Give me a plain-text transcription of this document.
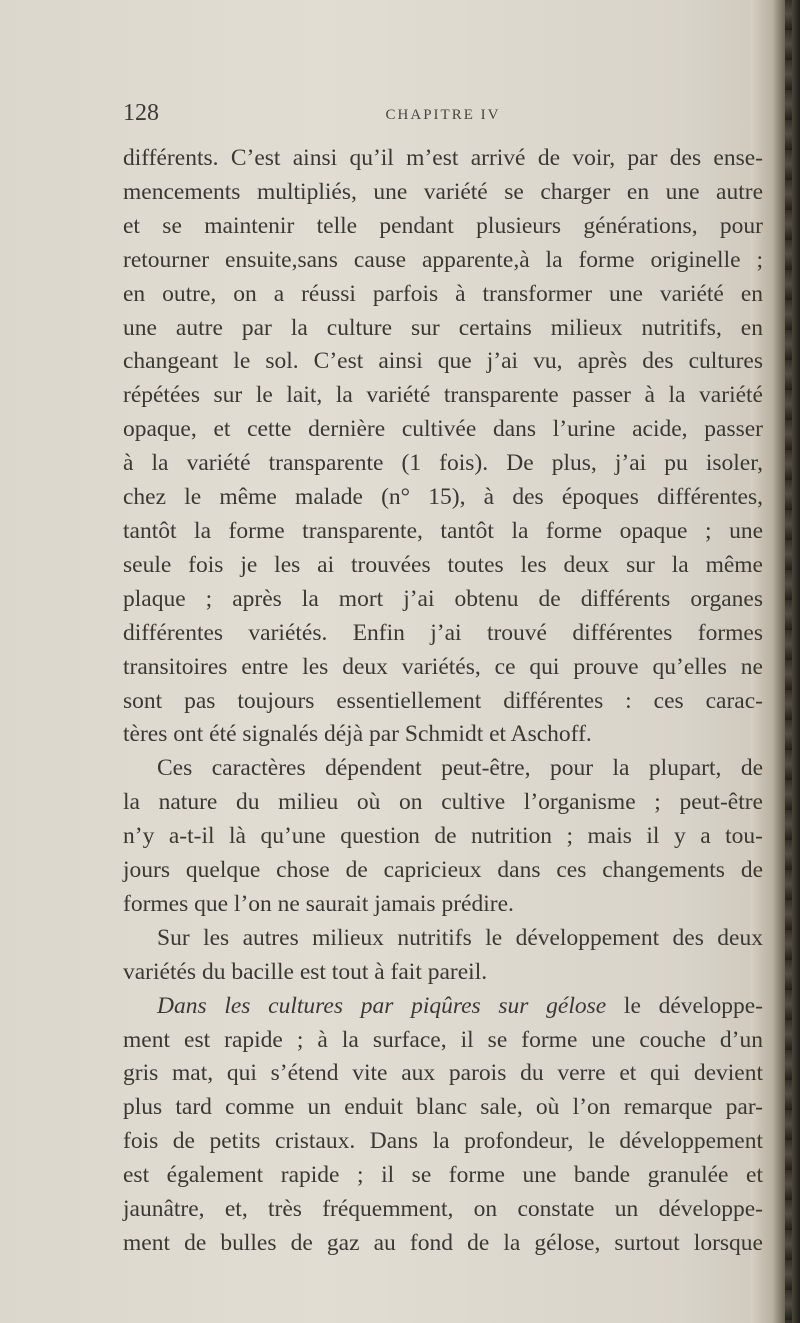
128	CHAPITRE IV
différents. C’est ainsi qu’il m’est arrivé de voir, par des ense-
mencements multipliés, une variété se charger en une autre
et se maintenir telle pendant plusieurs générations, pour
retourner ensuite,sans cause apparente,à la forme originelle ;
en outre, on a réussi parfois à transformer une variété en
une autre par la culture sur certains milieux nutritifs, en
changeant le sol. C’est ainsi que j’ai vu, après des cultures
répétées sur le lait, la variété transparente passer à la variété
opaque, et cette dernière cultivée dans l’urine acide, passer
à la variété transparente (1 fois). De plus, j’ai pu isoler,
chez le même malade (n° 15), à des époques différentes,
tantôt la forme transparente, tantôt la forme opaque ; une
seule fois je les ai trouvées toutes les deux sur la même
plaque ; après la mort j’ai obtenu de différents organes
différentes variétés. Enfin j’ai trouvé différentes formes
transitoires entre les deux variétés, ce qui prouve qu’elles ne
sont pas toujours essentiellement différentes : ces carac-
tères ont été signalés déjà par Schmidt et Aschoff.
Ces caractères dépendent peut-être, pour la plupart, de
la nature du milieu où on cultive l’organisme ; peut-être
n’y a-t-il là qu’une question de nutrition ; mais il y a tou-
jours quelque chose de capricieux dans ces changements de
formes que l’on ne saurait jamais prédire.
Sur les autres milieux nutritifs le développement des deux
variétés du bacille est tout à fait pareil.
Dans les cultures par piqûres sur gélose le développe-
ment est rapide ; à la surface, il se forme une couche d’un
gris mat, qui s’étend vite aux parois du verre et qui devient
plus tard comme un enduit blanc sale, où l’on remarque par-
fois de petits cristaux. Dans la profondeur, le développement
est également rapide ; il se forme une bande granulée et
jaunâtre, et, très fréquemment, on constate un développe-
ment de bulles de gaz au fond de la gélose, surtout lorsque
